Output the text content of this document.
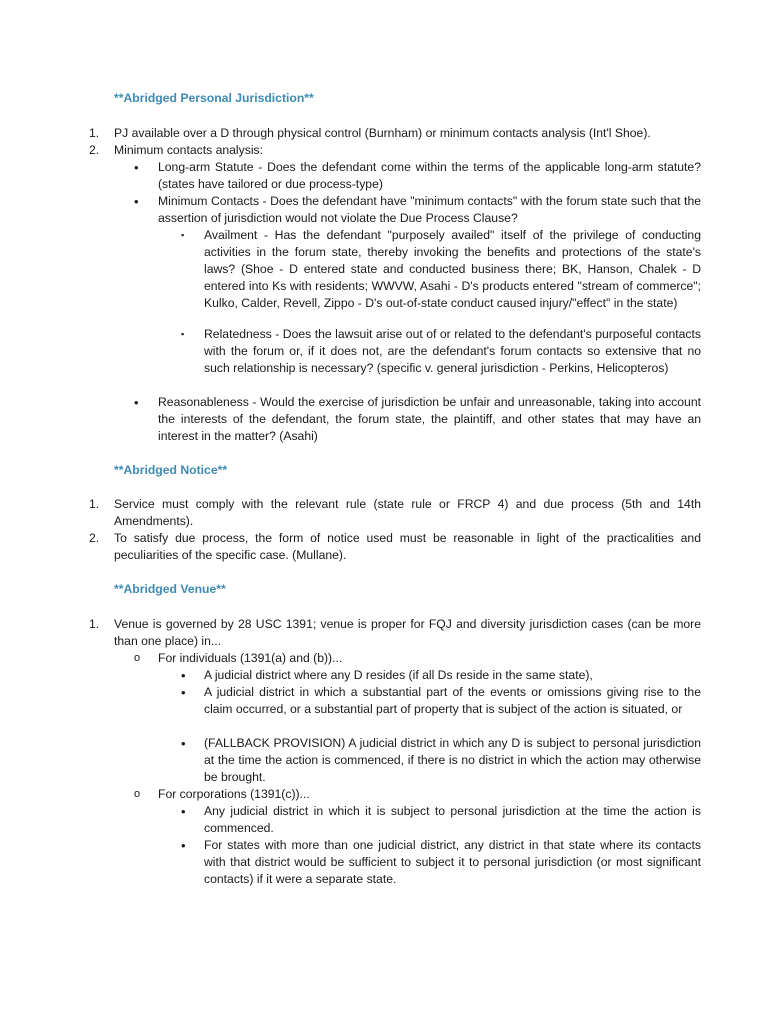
**Abridged Personal Jurisdiction**
1. PJ available over a D through physical control (Burnham) or minimum contacts analysis (Int'l Shoe).
2. Minimum contacts analysis:
• Long-arm Statute - Does the defendant come within the terms of the applicable long-arm statute? (states have tailored or due process-type)
• Minimum Contacts - Does the defendant have "minimum contacts" with the forum state such that the assertion of jurisdiction would not violate the Due Process Clause?
▪ Availment - Has the defendant "purposely availed" itself of the privilege of conducting activities in the forum state, thereby invoking the benefits and protections of the state's laws? (Shoe - D entered state and conducted business there; BK, Hanson, Chalek - D entered into Ks with residents; WWVW, Asahi - D's products entered "stream of commerce"; Kulko, Calder, Revell, Zippo - D's out-of-state conduct caused injury/"effect" in the state)
▪ Relatedness - Does the lawsuit arise out of or related to the defendant's purposeful contacts with the forum or, if it does not, are the defendant's forum contacts so extensive that no such relationship is necessary? (specific v. general jurisdiction - Perkins, Helicopteros)
• Reasonableness - Would the exercise of jurisdiction be unfair and unreasonable, taking into account the interests of the defendant, the forum state, the plaintiff, and other states that may have an interest in the matter? (Asahi)
**Abridged Notice**
1. Service must comply with the relevant rule (state rule or FRCP 4) and due process (5th and 14th Amendments).
2. To satisfy due process, the form of notice used must be reasonable in light of the practicalities and peculiarities of the specific case. (Mullane).
**Abridged Venue**
1. Venue is governed by 28 USC 1391; venue is proper for FQJ and diversity jurisdiction cases (can be more than one place) in...
o For individuals (1391(a) and (b))...
• A judicial district where any D resides (if all Ds reside in the same state),
• A judicial district in which a substantial part of the events or omissions giving rise to the claim occurred, or a substantial part of property that is subject of the action is situated, or
• (FALLBACK PROVISION) A judicial district in which any D is subject to personal jurisdiction at the time the action is commenced, if there is no district in which the action may otherwise be brought.
o For corporations (1391(c))...
• Any judicial district in which it is subject to personal jurisdiction at the time the action is commenced.
• For states with more than one judicial district, any district in that state where its contacts with that district would be sufficient to subject it to personal jurisdiction (or most significant contacts) if it were a separate state.
